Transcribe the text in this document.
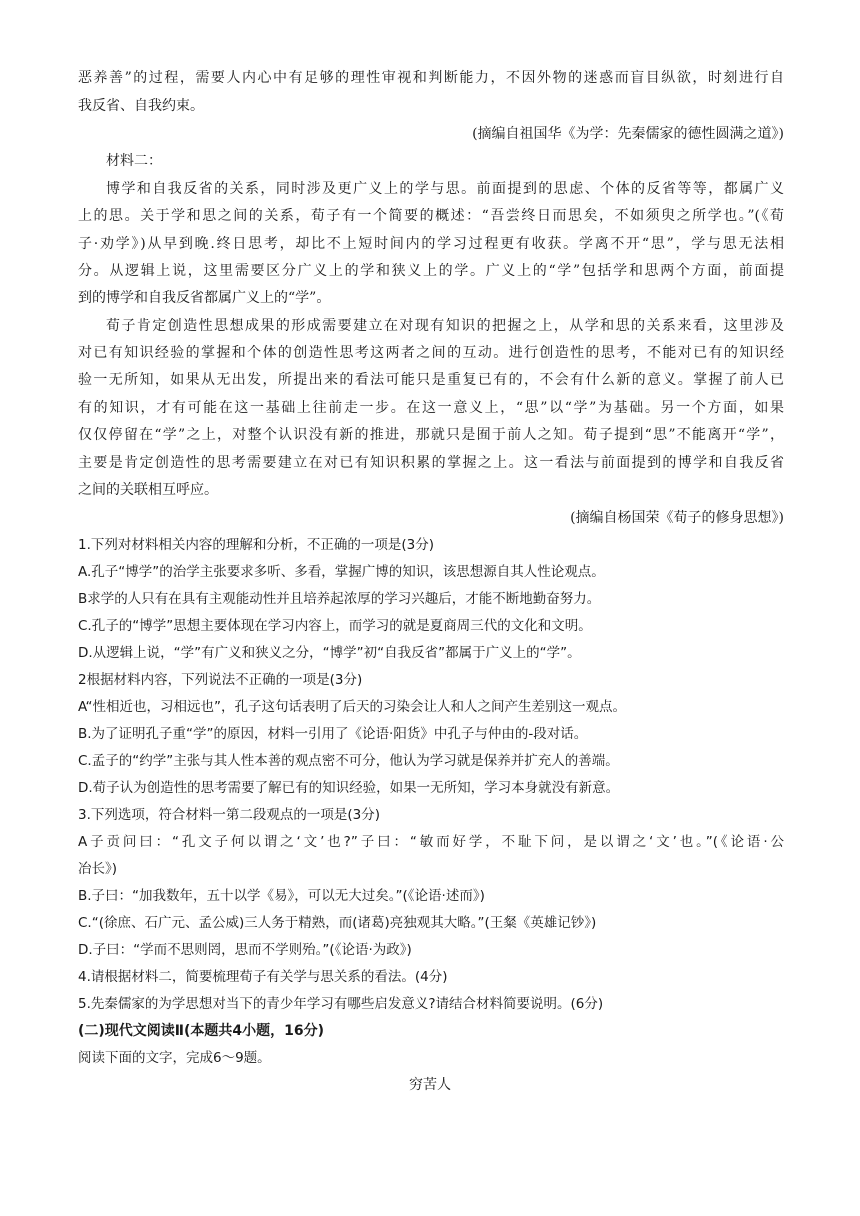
恶养善”的过程，需要人内心中有足够的理性审视和判断能力，不因外物的迷惑而盲目纵欲，时刻进行自
我反省、自我约束。
(摘编自祖国华《为学：先秦儒家的德性圆满之道》)
材料二：
博学和自我反省的关系，同时涉及更广义上的学与思。前面提到的思虑、个体的反省等等，都属广义
上的思。关于学和思之间的关系，荀子有一个简要的概述：“吾尝终日而思矣，不如须臾之所学也。”(《荀
子·劝学》)从早到晚.终日思考，却比不上短时间内的学习过程更有收获。学离不开“思”，学与思无法相
分。从逻辑上说，这里需要区分广义上的学和狭义上的学。广义上的“学”包括学和思两个方面，前面提
到的博学和自我反省都属广义上的“学”。
荀子肯定创造性思想成果的形成需要建立在对现有知识的把握之上，从学和思的关系来看，这里涉及
对已有知识经验的掌握和个体的创造性思考这两者之间的互动。进行创造性的思考，不能对已有的知识经
验一无所知，如果从无出发，所提出来的看法可能只是重复已有的，不会有什么新的意义。掌握了前人已
有的知识，才有可能在这一基础上往前走一步。在这一意义上，“思”以“学”为基础。另一个方面，如果
仅仅停留在“学”之上，对整个认识没有新的推进，那就只是囿于前人之知。荀子提到“思”不能离开“学”，
主要是肯定创造性的思考需要建立在对已有知识积累的掌握之上。这一看法与前面提到的博学和自我反省
之间的关联相互呼应。
(摘编自杨国荣《荀子的修身思想》)
1.下列对材料相关内容的理解和分析，不正确的一项是(3分)
A.孔子“博学”的治学主张要求多听、多看，掌握广博的知识，该思想源自其人性论观点。
B求学的人只有在具有主观能动性并且培养起浓厚的学习兴趣后，才能不断地勤奋努力。
C.孔子的“博学”思想主要体现在学习内容上，而学习的就是夏商周三代的文化和文明。
D.从逻辑上说，“学”有广义和狭义之分，“博学”初“自我反省”都属于广义上的“学”。
2根据材料内容，下列说法不正确的一项是(3分)
A“性相近也，习相远也”，孔子这句话表明了后天的习染会让人和人之间产生差别这一观点。
B.为了证明孔子重“学”的原因，材料一引用了《论语·阳货》中孔子与仲由的-段对话。
C.孟子的“约学”主张与其人性本善的观点密不可分，他认为学习就是保养并扩充人的善端。
D.荀子认为创造性的思考需要了解已有的知识经验，如果一无所知，学习本身就没有新意。
3.下列选项，符合材料一第二段观点的一项是(3分)
A子贡问曰：“孔文子何以谓之‘文’也?”子曰：“敏而好学，不耻下问，是以谓之‘文’也。”(《论语·公
冶长》)
B.子曰：“加我数年，五十以学《易》，可以无大过矣。”(《论语·述而》)
C.“(徐庶、石广元、孟公威)三人务于精熟，而(诸葛)亮独观其大略。”(王粲《英雄记钞》)
D.子曰：“学而不思则罔，思而不学则殆。”(《论语·为政》)
4.请根据材料二，简要梳理荀子有关学与思关系的看法。(4分)
5.先秦儒家的为学思想对当下的青少年学习有哪些启发意义?请结合材料简要说明。(6分)
(二)现代文阅读Ⅱ(本题共4小题，16分)
阅读下面的文字，完成6～9题。
穷苦人
